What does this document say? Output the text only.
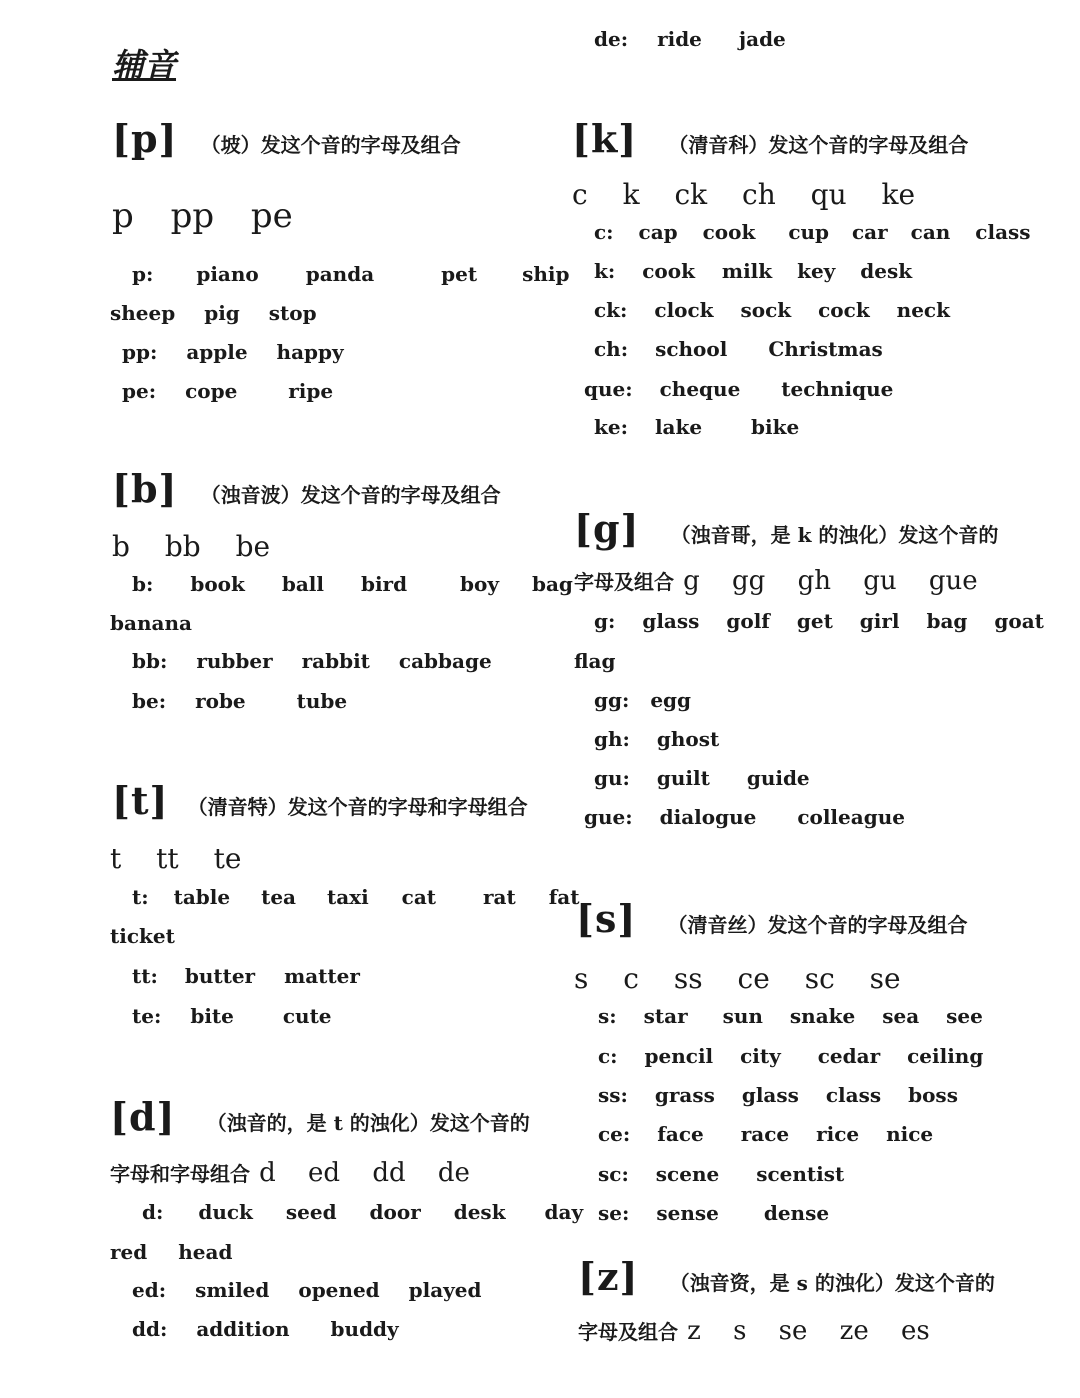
辅音
[p] （坡）发这个音的字母及组合
p pp pe
p: piano panda	pet ship
sheep pig stop
pp: apple happy
pe: cope	ripe
[b] （浊音波）发这个音的字母及组合
b bb be
b: book ball bird	boy bag
banana
bb: rubber rabbit cabbage
be: robe	tube
[t] （清音特）发这个音的字母和字母组合
t tt te
t: table tea taxi cat rat fat
ticket
tt: butter matter
te: bite cute
[d] （浊音的，是 t 的浊化）发这个音的
字母和字母组合 d ed dd de
d: duck seed door desk day
red head
ed: smiled opened played
dd: addition buddy
de: ride jade
[k] （清音科）发这个音的字母及组合
c k ck ch qu ke
c: cap cook cup car can class
k: cook milk key desk
ck: clock sock cock neck
ch: school Christmas
que: cheque technique
ke: lake bike
[g] （浊音哥，是 k 的浊化）发这个音的
字母及组合 g gg gh gu gue
g: glass golf get girl bag goat
flag
gg: egg
gh: ghost
gu: guilt guide
gue: dialogue colleague
[s] （清音丝）发这个音的字母及组合
s c ss ce sc se
s: star sun snake sea see
c: pencil city cedar ceiling
ss: grass glass class boss
ce: face race rice nice
sc: scene scentist
se: sense dense
[z] （浊音资，是 s 的浊化）发这个音的
字母及组合 z s se ze es
